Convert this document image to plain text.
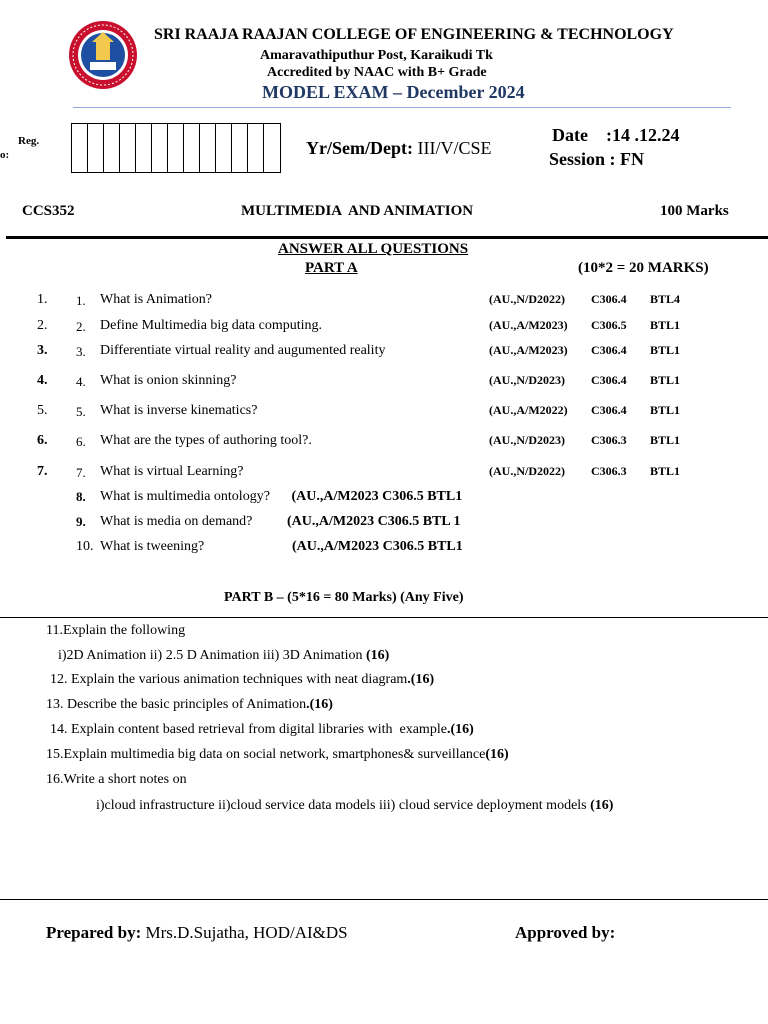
SRI RAAJA RAAJAN COLLEGE OF ENGINEERING & TECHNOLOGY
Amaravathiputhur Post, Karaikudi Tk
Accredited by NAAC with B+ Grade
MODEL EXAM – December 2024
Reg.
o:	Yr/Sem/Dept: III/V/CSE
Date    :14 .12.24
Session : FN
CCS352	MULTIMEDIA  AND ANIMATION	100 Marks
ANSWER ALL QUESTIONS
PART A	(10*2 = 20 MARKS)
1. 1. What is Animation?	(AU.,N/D2022) C306.4 BTL4
2. 2. Define Multimedia big data computing.	(AU.,A/M2023) C306.5 BTL1
3. 3. Differentiate virtual reality and augumented reality	(AU.,A/M2023) C306.4 BTL1
4. 4. What is onion skinning?	(AU.,N/D2023) C306.4 BTL1
5. 5. What is inverse kinematics?	(AU.,A/M2022) C306.4 BTL1
6. 6. What are the types of authoring tool?.	(AU.,N/D2023) C306.3 BTL1
7. 7. What is virtual Learning?	(AU.,N/D2022) C306.3 BTL1
8. What is multimedia ontology? (AU.,A/M2023 C306.5 BTL1
9. What is media on demand? (AU.,A/M2023 C306.5 BTL 1
10. What is tweening?	(AU.,A/M2023 C306.5 BTL1
PART B – (5*16 = 80 Marks) (Any Five)
11.Explain the following
i)2D Animation ii) 2.5 D Animation iii) 3D Animation (16)
12. Explain the various animation techniques with neat diagram.(16)
13. Describe the basic principles of Animation.(16)
14. Explain content based retrieval from digital libraries with  example.(16)
15.Explain multimedia big data on social network, smartphones& surveillance(16)
16.Write a short notes on
i)cloud infrastructure ii)cloud service data models iii) cloud service deployment models (16)
Prepared by: Mrs.D.Sujatha, HOD/AI&DS	Approved by:
